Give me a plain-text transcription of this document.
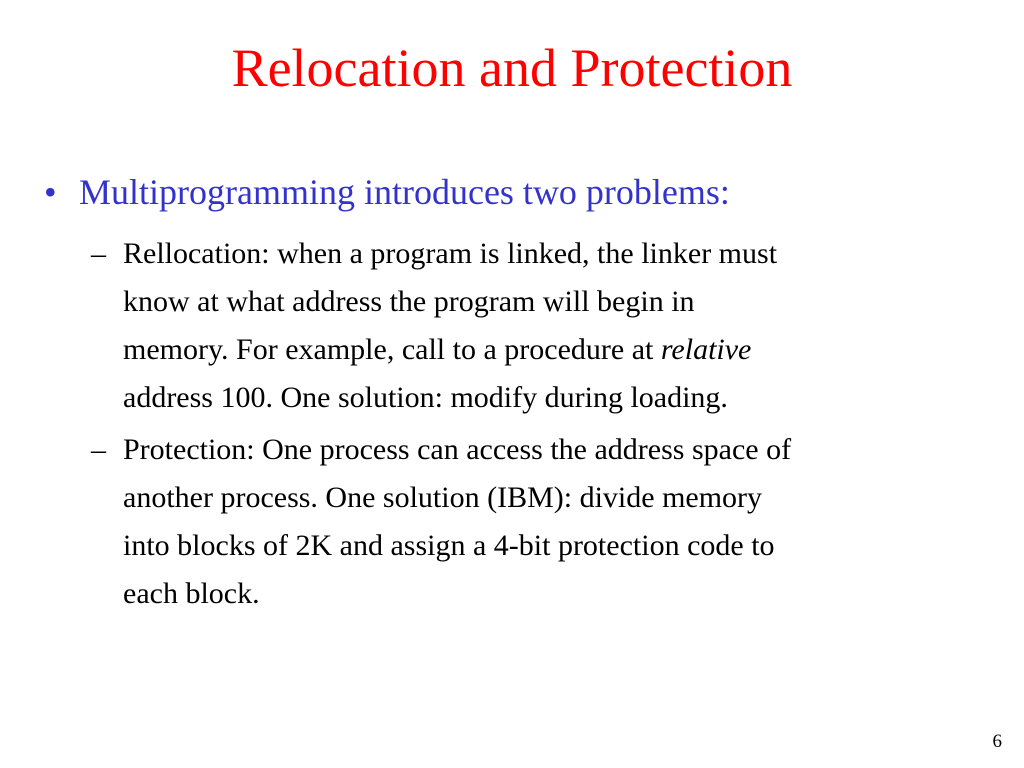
Relocation and Protection
• Multiprogramming introduces two problems:
– Rellocation: when a program is linked, the linker must
know at what address the program will begin in
memory. For example, call to a procedure at relative
address 100. One solution: modify during loading.
– Protection: One process can access the address space of
another process. One solution (IBM): divide memory
into blocks of 2K and assign a 4-bit protection code to
each block.
6
